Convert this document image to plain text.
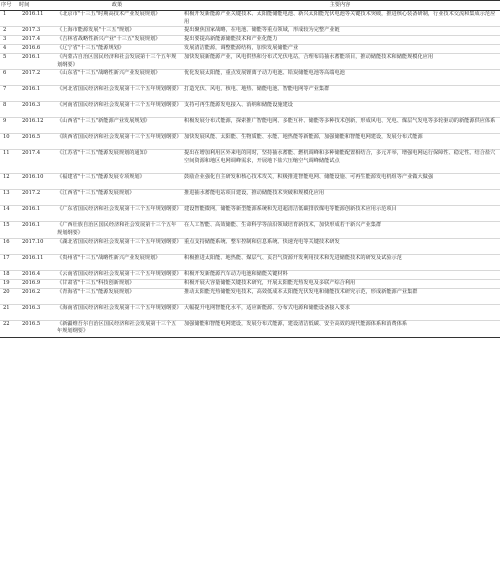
序号	时间	政策	主要内容
1	2016.11	《北京市"十三五"时期高技术产业发展规划》	积极开发新能源产业关键技术、太阳能储能电池、新兴太阳能光伏电池等关键技术突破，推进核心装备研制，行业技术交流和集成示范应用
2	2017.3	《上海市能源发展"十三五"规划》	提出聚焦国家战略，在电池、储能等重点领域，形成较为完整产业链
3	2017.4	《吉林省战略性新兴产业"十三五"发展规划》	提出要提高新能源储能技术和产业化能力
4	2016.6	《辽宁省"十三五"能源规划》	发展清洁能源，调整能源结构，加快发展储能产业
5	2016.1	《内蒙古自治区国民经济和社会发展第十三个五年规划纲要》	加快发展新能源产业，风电供热和分布式光伏电站，合理布局抽水蓄能项目，推动储能技术和储能规模化应用
6	2017.2	《山东省"十三五"战略性新兴产业发展规划》	优化发展太阳能，重点发展锂离子动力电池、铅炭储能电池等高端电池
7	2016.1	《河北省国民经济和社会发展第十三个五年规划纲要》	打造光伏、风电、核电、地热、储能电池、智能电网等产业集群
8	2016.3	《河南省国民经济和社会发展第十三个五年规划纲要》	支持可再生能源发电接入、消纳和储能设施建设
9	2016.12	《山西省"十三五"新能源产业发展规划》	积极发展分布式能源，探索推广智能电网、多能互补、储能等多种技术创新，形成风电、光电、煤层气发电等多轮驱动的新能源供应体系
10	2016.5	《陕西省国民经济和社会发展第十三个五年规划纲要》	加快发展风能、太阳能、生物质能、水能、地热能等新能源，加强储能和智能电网建设，发展分布式能源
11	2017.4	《江苏省"十三五"能源发展规划的通知》	提出在增加利用区外来电的同时，坚持抽水蓄能、燃机调峰和多种储能配置相结合，多元并举，增强电网运行保障性、稳定性。结合盐穴空间资源和地区电网调峰需求，开展地下盐穴压缩空气调峰储能试点
12	2016.10	《福建省"十三五"能源发展专项规划》	鼓励企业强化自主研发和核心技术攻关，积极推进智能电网、储能设施、可再生能源发电机组等产业做大做强
13	2017.2	《江西省"十三五"能源发展规划》	推进抽水蓄能电站项目建设，推动储能技术突破和规模化应用
14	2016.1	《广东省国民经济和社会发展第十三个五年规划纲要》	建设智能微网，储能等新型能源系统和先进超清洁低碳排放煤电等能源创新技术应用示范项目
15	2016.1	《广西壮族自治区国民经济和社会发展第十三个五年规划纲要》	在人工智能、高效储能、生命科学等前沿领域培育新技术，加快形成若干新兴产业集群
16	2017.10	《湖北省国民经济和社会发展第十三个五年规划纲要》	重点支持储能系统、整车控制和信息系统、快速充电等关键技术研发
17	2016.11	《贵州省"十三五"战略性新兴产业发展规划》	积极推进太阳能、地热能、煤层气、页岩气资源开发利用技术和先进储能技术的研发及试验示范
18	2016.4	《云南省国民经济和社会发展第十三个五年规划纲要》	积极开发新能源汽车动力电池和储能关键材料
19	2016.9	《甘肃省"十三五"科技创新规划》	积极开展大容量储能关键技术研究，开展太阳能光热发电及多联产综合利用
20	2016.2	《青海省"十三五"能源发展规划》	推动太阳能光热储能发电技术，高效低成本太阳能光伏发电和储能技术研究示范，形成新能源产业集群
21	2016.3	《海南省国民经济和社会发展第十三个五年规划纲要》	大幅提升电网智能化水平，适应新能源、分布式电源和储能设备接入要求
22	2016.5	《新疆维吾尔自治区国民经济和社会发展第十三个五年规划纲要》	加强储能和智能电网建设，发展分布式能源，建设清洁低碳、安全高效的现代能源体系和消费体系
